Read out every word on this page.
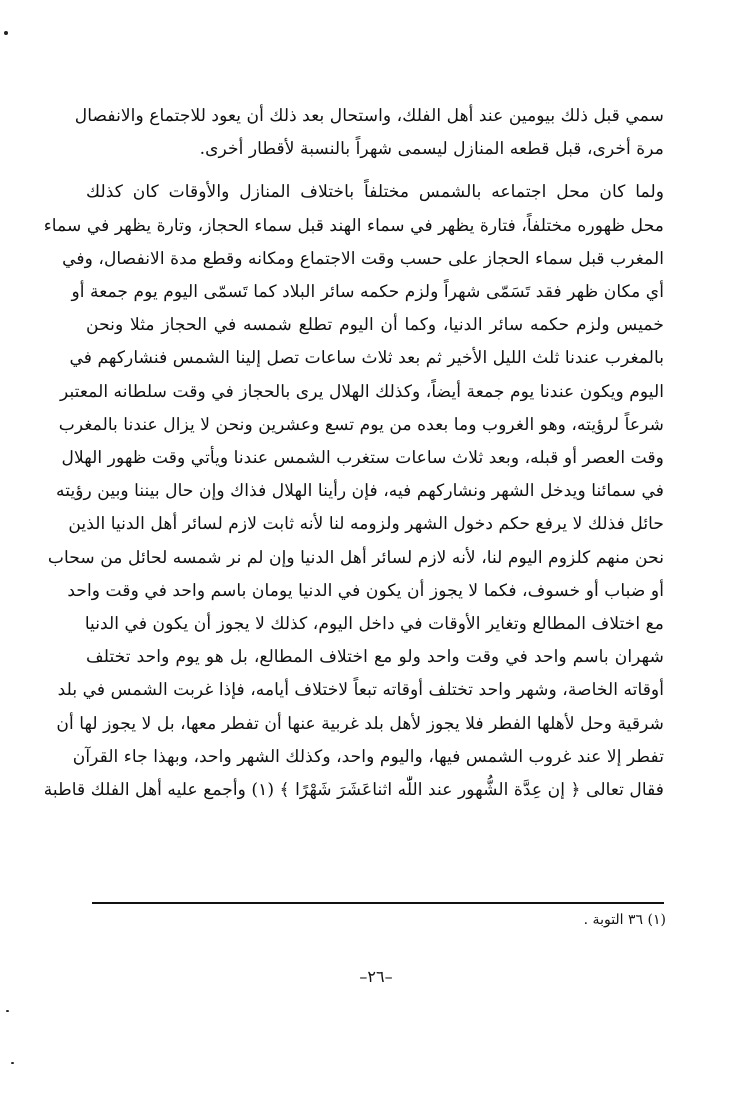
سمي قبل ذلك بيومين عند أهل الفلك، واستحال بعد ذلك أن يعود للاجتماع والانفصال
مرة أخرى، قبل قطعه المنازل ليسمى شهراً بالنسبة لأقطار أخرى.

ولما كان محل اجتماعه بالشمس مختلفاً باختلاف المنازل والأوقات كان كذلك
محل ظهوره مختلفاً، فتارة يظهر في سماء الهند قبل سماء الحجاز، وتارة يظهر في سماء
المغرب قبل سماء الحجاز على حسب وقت الاجتماع ومكانه وقطع مدة الانفصال، وفي
أي مكان ظهر فقد تَسَمّى شهراً ولزم حكمه سائر البلاد كما تَسمّى اليوم يوم جمعة أو
خميس ولزم حكمه سائر الدنيا، وكما أن اليوم تطلع شمسه في الحجاز مثلا ونحن
بالمغرب عندنا ثلث الليل الأخير ثم بعد ثلاث ساعات تصل إلينا الشمس فنشاركهم في
اليوم ويكون عندنا يوم جمعة أيضاً، وكذلك الهلال يرى بالحجاز في وقت سلطانه المعتبر
شرعاً لرؤيته، وهو الغروب وما بعده من يوم تسع وعشرين ونحن لا يزال عندنا بالمغرب
وقت العصر أو قبله، وبعد ثلاث ساعات ستغرب الشمس عندنا ويأتي وقت ظهور الهلال
في سمائنا ويدخل الشهر ونشاركهم فيه، فإن رأينا الهلال فذاك وإن حال بيننا وبين رؤيته
حائل فذلك لا يرفع حكم دخول الشهر ولزومه لنا لأنه ثابت لازم لسائر أهل الدنيا الذين
نحن منهم كلزوم اليوم لنا، لأنه لازم لسائر أهل الدنيا وإن لم نر شمسه لحائل من سحاب
أو ضباب أو خسوف، فكما لا يجوز أن يكون في الدنيا يومان باسم واحد في وقت واحد
مع اختلاف المطالع وتغاير الأوقات في داخل اليوم، كذلك لا يجوز أن يكون في الدنيا
شهران باسم واحد في وقت واحد ولو مع اختلاف المطالع، بل هو يوم واحد تختلف
أوقاته الخاصة، وشهر واحد تختلف أوقاته تبعاً لاختلاف أيامه، فإذا غربت الشمس في بلد
شرقية وحل لأهلها الفطر فلا يجوز لأهل بلد غربية عنها أن تفطر معها، بل لا يجوز لها أن
تفطر إلا عند غروب الشمس فيها، واليوم واحد، وكذلك الشهر واحد، وبهذا جاء القرآن
فقال تعالى ﴿ إن عِدَّة الشُّهور عند اللّٰه اثناعَشَرَ شَهْرًا ﴾ (١) وأجمع عليه أهل الفلك قاطبة

(١) ٣٦ التوبة .
–٢٦–
